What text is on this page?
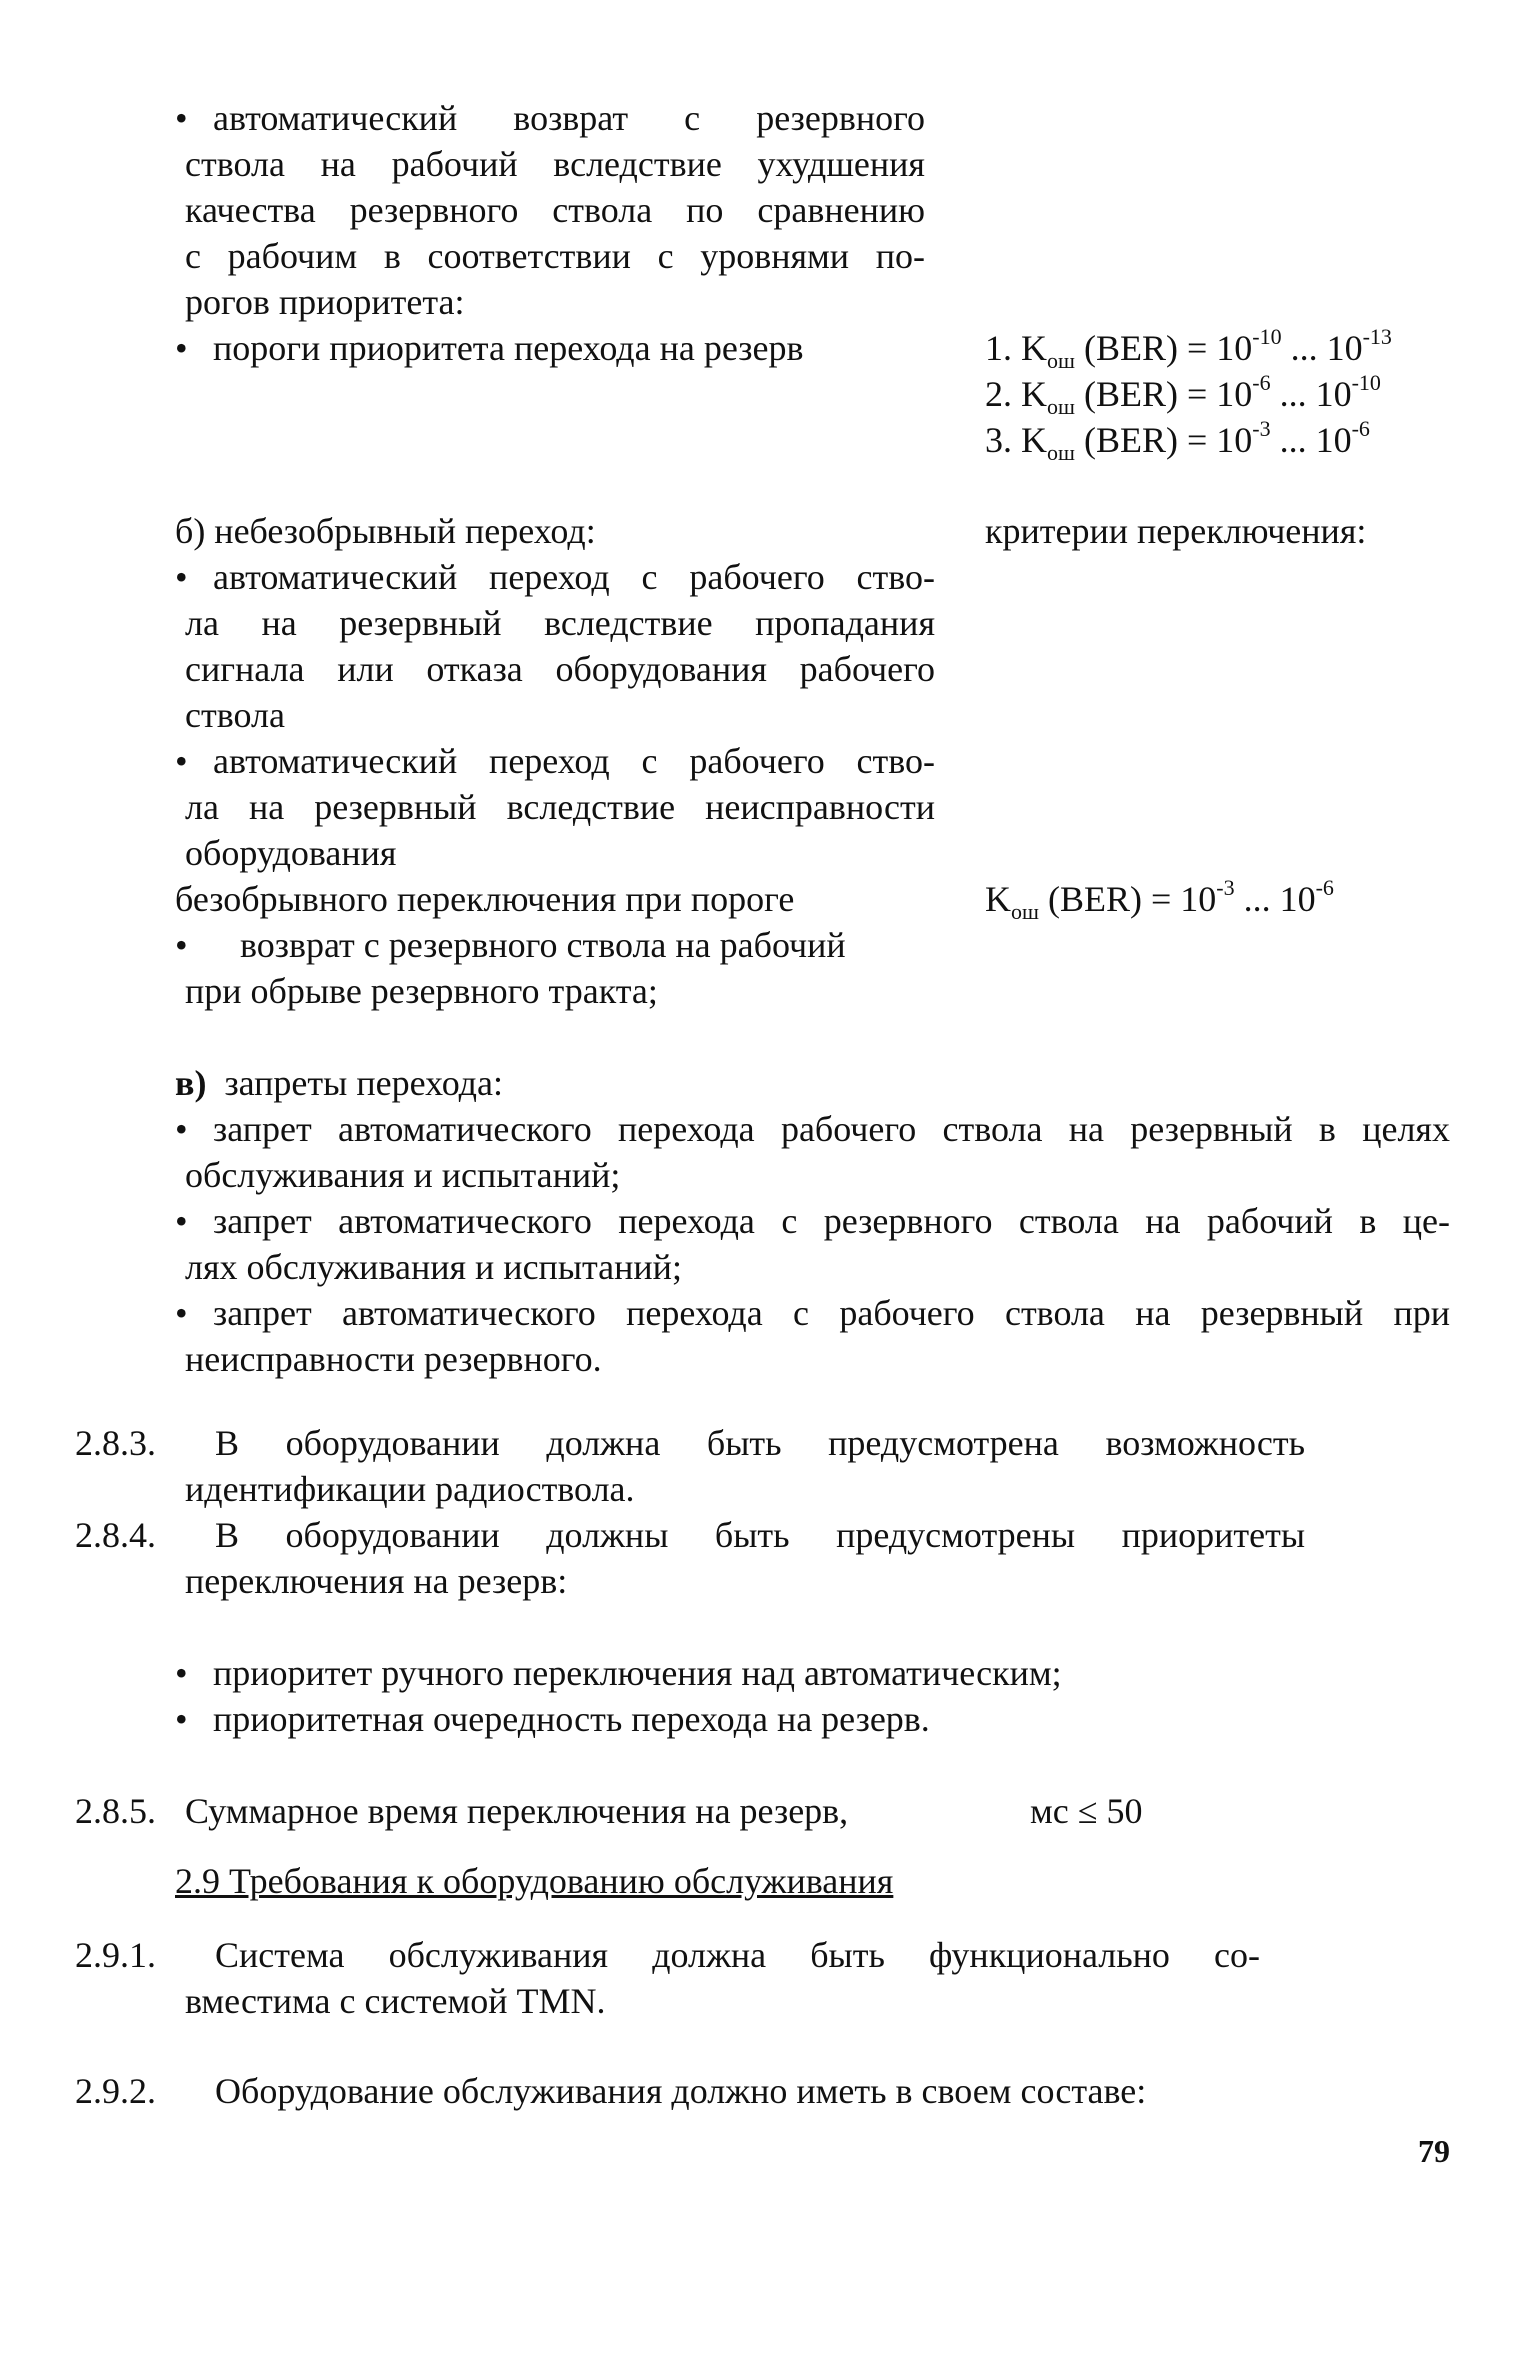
• автоматический возврат с резервного
ствола на рабочий вследствие ухудшения
качества резервного ствола по сравнению
с рабочим в соответствии с уровнями по-
рогов приоритета:
• пороги приоритета перехода на резерв	1. $K_{ош}$ $(BER) = 10^{-10}$ ... $10^{-13}$
2. $K_{ош}$ $(BER) = 10^{-6}$ ... $10^{-10}$
3. $K_{ош}$ $(BER) = 10^{-3}$ ... $10^{-6}$
б) небезобрывный переход:	критерии переключения:
• автоматический переход с рабочего ство-
ла на резервный вследствие пропадания
сигнала или отказа оборудования рабочего
ствола
• автоматический переход с рабочего ство-
ла на резервный вследствие неисправности
оборудования
безобрывного переключения при пороге	$K_{ош}$ $(BER) = 10^{-3}$ ... $10^{-6}$
• возврат с резервного ствола на рабочий
при обрыве резервного тракта;
в) запреты перехода:
• запрет автоматического перехода рабочего ствола на резервный в целях
обслуживания и испытаний;
• запрет автоматического перехода с резервного ствола на рабочий в це-
лях обслуживания и испытаний;
• запрет автоматического перехода с рабочего ствола на резервный при
неисправности резервного.
2.8.3. В оборудовании должна быть предусмотрена возможность
идентификации радиоствола.
2.8.4. В оборудовании должны быть предусмотрены приоритеты
переключения на резерв:
• приоритет ручного переключения над автоматическим;
• приоритетная очередность перехода на резерв.
2.8.5. Суммарное время переключения на резерв,	мс ≤ 50
2.9 Требования к оборудованию обслуживания
2.9.1. Система обслуживания должна быть функционально со-
вместима с системой TMN.
2.9.2. Оборудование обслуживания должно иметь в своем составе:
79
